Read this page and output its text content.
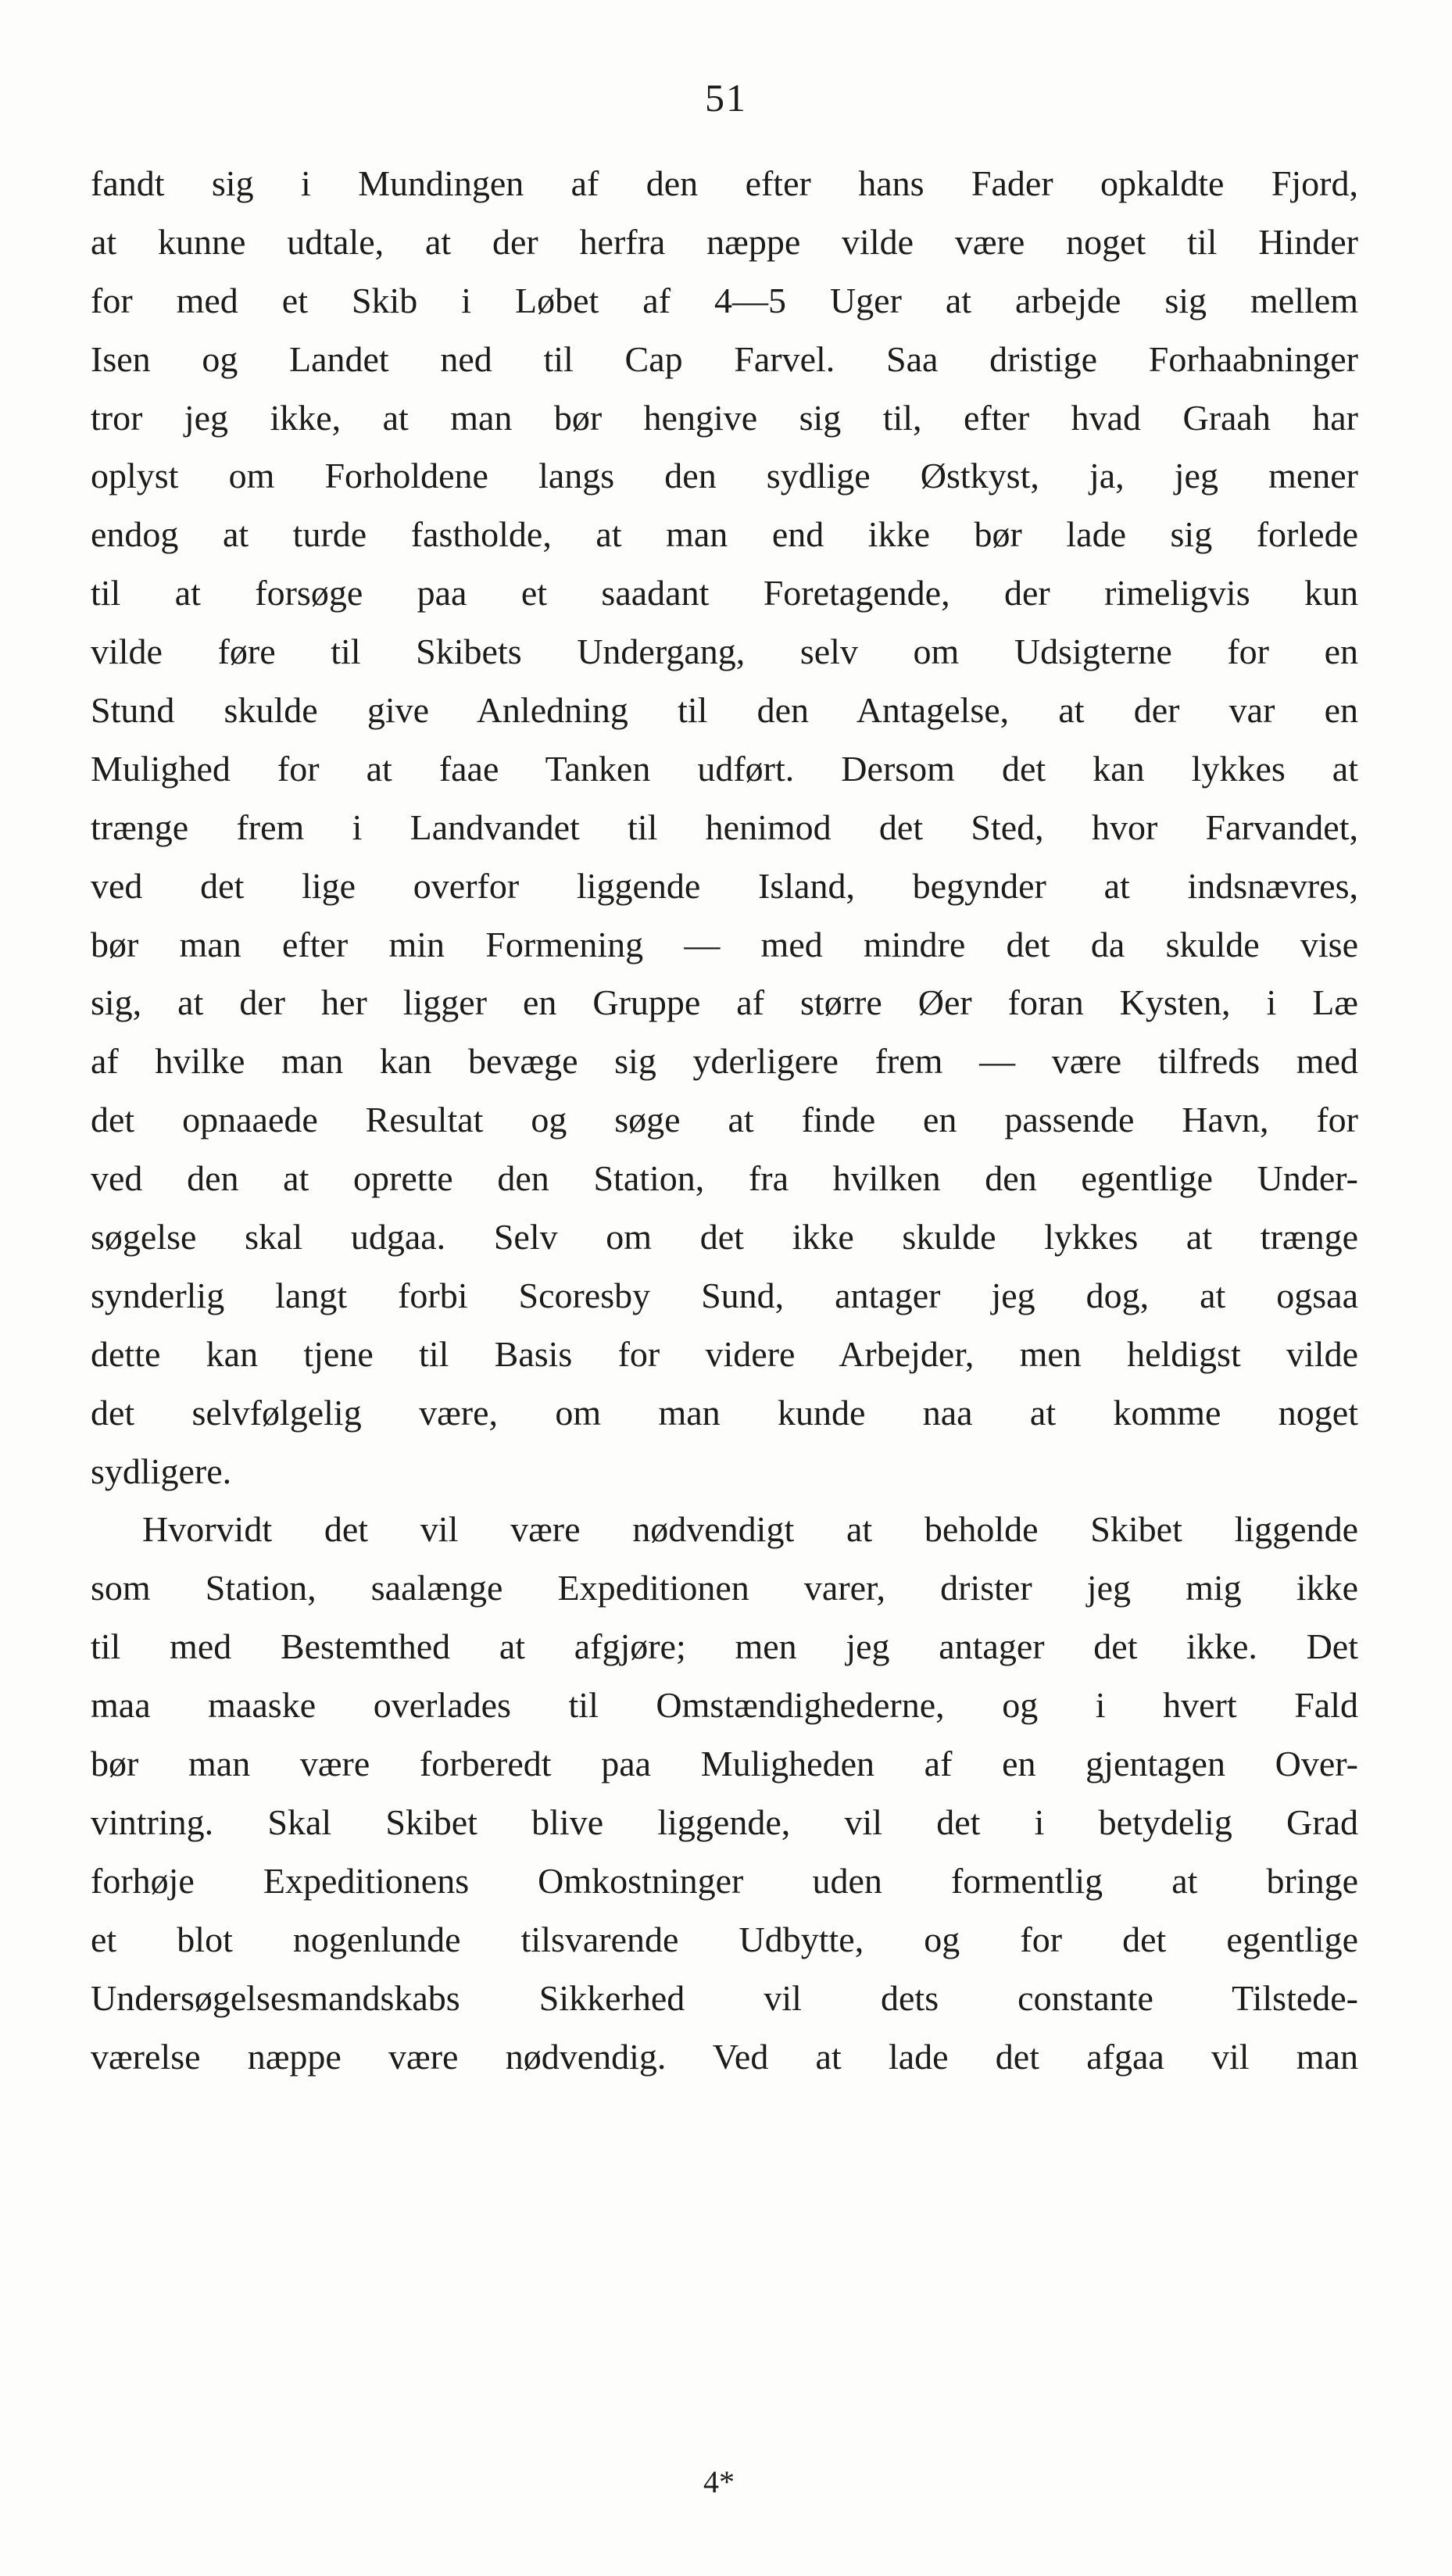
51
fandt sig i Mundingen af den efter hans Fader opkaldte Fjord,
at kunne udtale, at der herfra næppe vilde være noget til Hinder
for med et Skib i Løbet af 4—5 Uger at arbejde sig mellem
Isen og Landet ned til Cap Farvel. Saa dristige Forhaabninger
tror jeg ikke, at man bør hengive sig til, efter hvad Graah har
oplyst om Forholdene langs den sydlige Østkyst, ja, jeg mener
endog at turde fastholde, at man end ikke bør lade sig forlede
til at forsøge paa et saadant Foretagende, der rimeligvis kun
vilde føre til Skibets Undergang, selv om Udsigterne for en
Stund skulde give Anledning til den Antagelse, at der var en
Mulighed for at faae Tanken udført. Dersom det kan lykkes at
trænge frem i Landvandet til henimod det Sted, hvor Farvandet,
ved det lige overfor liggende Island, begynder at indsnævres,
bør man efter min Formening — med mindre det da skulde vise
sig, at der her ligger en Gruppe af større Øer foran Kysten, i Læ
af hvilke man kan bevæge sig yderligere frem — være tilfreds med
det opnaaede Resultat og søge at finde en passende Havn, for
ved den at oprette den Station, fra hvilken den egentlige Under-
søgelse skal udgaa. Selv om det ikke skulde lykkes at trænge
synderlig langt forbi Scoresby Sund, antager jeg dog, at ogsaa
dette kan tjene til Basis for videre Arbejder, men heldigst vilde
det selvfølgelig være, om man kunde naa at komme noget
sydligere.
Hvorvidt det vil være nødvendigt at beholde Skibet liggende
som Station, saalænge Expeditionen varer, drister jeg mig ikke
til med Bestemthed at afgjøre; men jeg antager det ikke. Det
maa maaske overlades til Omstændighederne, og i hvert Fald
bør man være forberedt paa Muligheden af en gjentagen Over-
vintring. Skal Skibet blive liggende, vil det i betydelig Grad
forhøje Expeditionens Omkostninger uden formentlig at bringe
et blot nogenlunde tilsvarende Udbytte, og for det egentlige
Undersøgelsesmandskabs Sikkerhed vil dets constante Tilstede-
værelse næppe være nødvendig. Ved at lade det afgaa vil man
4*
